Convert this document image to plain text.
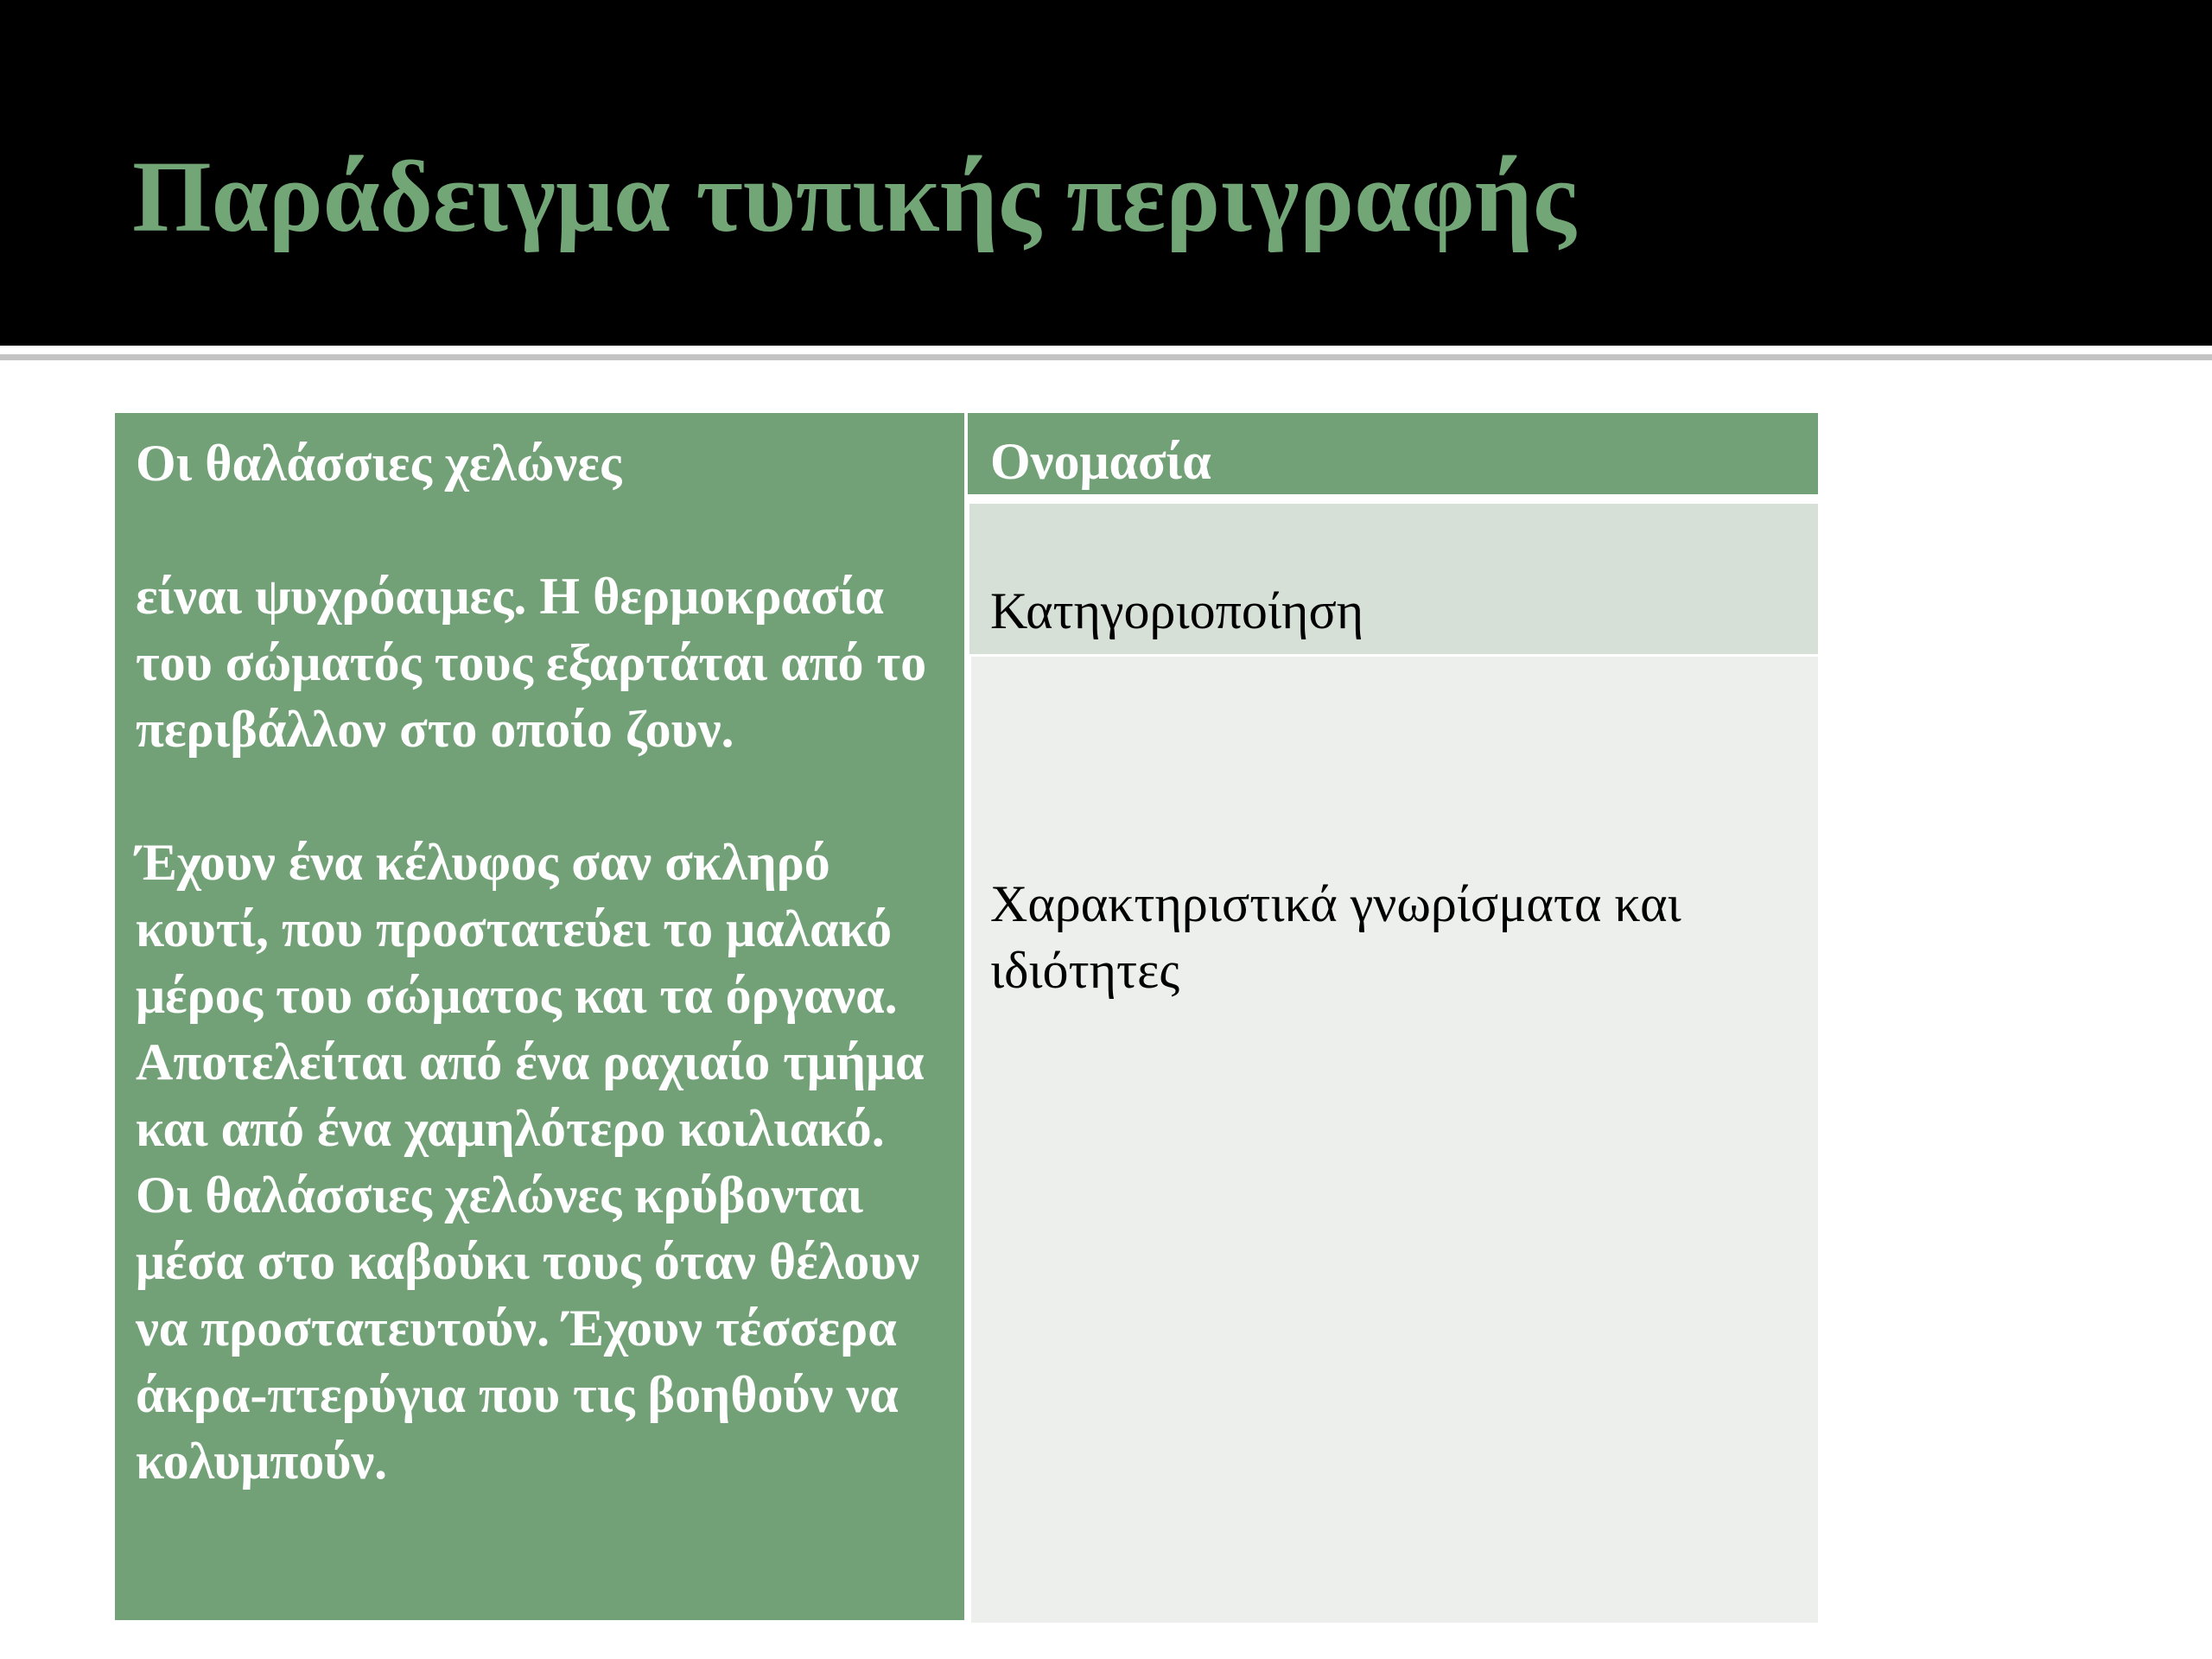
Παράδειγμα τυπικής περιγραφής

Οι θαλάσσιες χελώνες

είναι ψυχρόαιμες. Η θερμοκρασία του σώματός τους εξαρτάται από το περιβάλλον στο οποίο ζουν.

Έχουν ένα κέλυφος σαν σκληρό κουτί, που προστατεύει το μαλακό μέρος του σώματος και τα όργανα. Αποτελείται από ένα ραχιαίο τμήμα και από ένα χαμηλότερο κοιλιακό. Οι θαλάσσιες χελώνες κρύβονται μέσα στο καβούκι τους όταν θέλουν να προστατευτούν. Έχουν τέσσερα άκρα-πτερύγια που τις βοηθούν να κολυμπούν.

Ονομασία
Κατηγοριοποίηση
Χαρακτηριστικά γνωρίσματα και ιδιότητες
